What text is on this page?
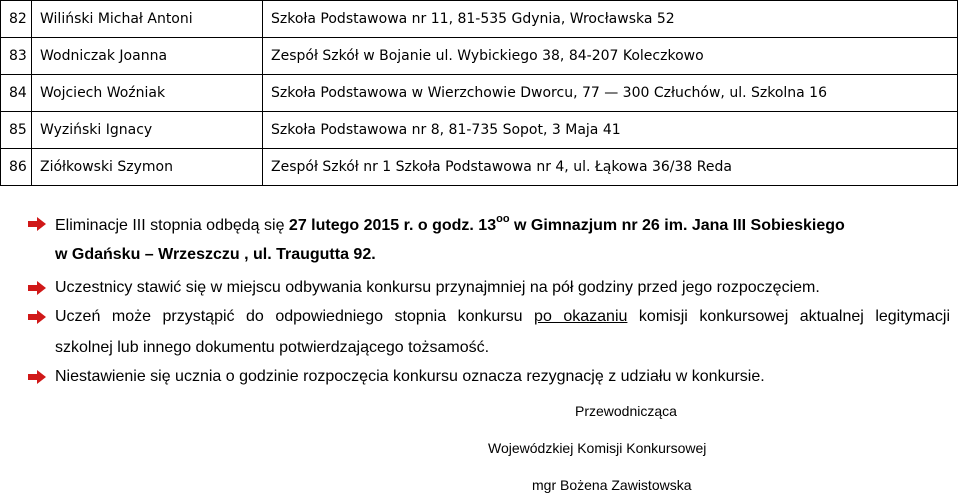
82	Wiliński Michał Antoni	Szkoła Podstawowa nr 11, 81-535 Gdynia, Wrocławska 52
83	Wodniczak Joanna	Zespół Szkół w Bojanie ul. Wybickiego 38, 84-207 Koleczkowo
84	Wojciech Woźniak	Szkoła Podstawowa w Wierzchowie Dworcu, 77 — 300 Człuchów, ul. Szkolna 16
85	Wyziński Ignacy	Szkoła Podstawowa nr 8, 81-735 Sopot, 3 Maja 41
86	Ziółkowski Szymon	Zespół Szkół nr 1 Szkoła Podstawowa nr 4, ul. Łąkowa 36/38 Reda
Eliminacje III stopnia odbędą się 27 lutego 2015 r. o godz. $13^{oo}$ w Gimnazjum nr 26 im. Jana III Sobieskiego
w Gdańsku – Wrzeszczu , ul. Traugutta 92.
Uczestnicy stawić się w miejscu odbywania konkursu przynajmniej na pół godziny przed jego rozpoczęciem.
Uczeń może przystąpić do odpowiedniego stopnia konkursu po okazaniu komisji konkursowej aktualnej legitymacji
szkolnej lub innego dokumentu potwierdzającego tożsamość.
Niestawienie się ucznia o godzinie rozpoczęcia konkursu oznacza rezygnację z udziału w konkursie.
Przewodnicząca
Wojewódzkiej Komisji Konkursowej
mgr Bożena Zawistowska
